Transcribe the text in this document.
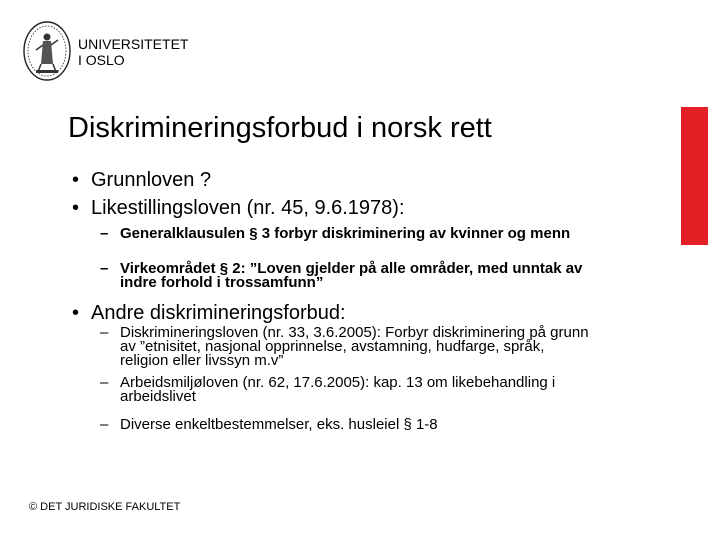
UNIVERSITETET
I OSLO
Diskrimineringsforbud i norsk rett
• Grunnloven ?
• Likestillingsloven (nr. 45, 9.6.1978):
– Generalklausulen § 3 forbyr diskriminering av kvinner og menn
– Virkeområdet § 2: ”Loven gjelder på alle områder, med unntak av indre forhold i trossamfunn”
• Andre diskrimineringsforbud:
– Diskrimineringsloven (nr. 33, 3.6.2005): Forbyr diskriminering på grunn av ”etnisitet, nasjonal opprinnelse, avstamning, hudfarge, språk, religion eller livssyn m.v”
– Arbeidsmiljøloven (nr. 62, 17.6.2005): kap. 13 om likebehandling i arbeidslivet
– Diverse enkeltbestemmelser, eks. husleiel § 1-8
© DET JURIDISKE FAKULTET
